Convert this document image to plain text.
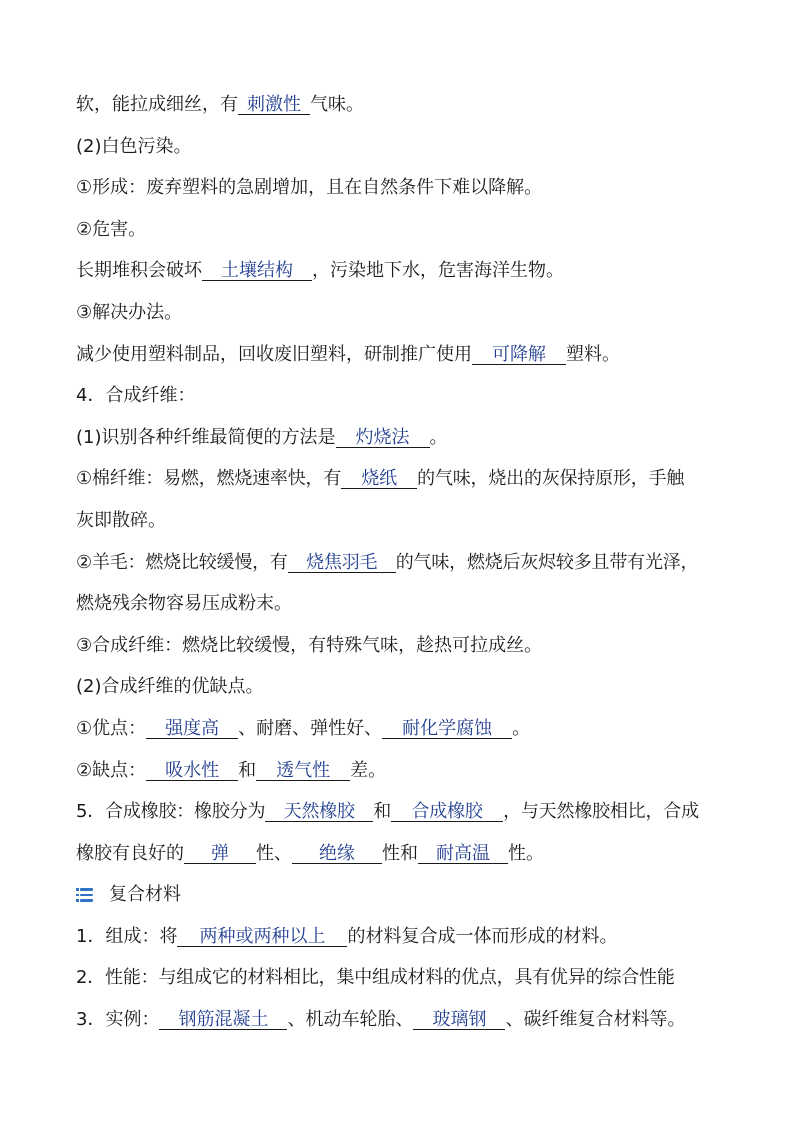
软，能拉成细丝，有 刺激性 气味。
(2)白色污染。
①形成：废弃塑料的急剧增加，且在自然条件下难以降解。
②危害。
长期堆积会破坏 土壤结构 ，污染地下水，危害海洋生物。
③解决办法。
减少使用塑料制品，回收废旧塑料，研制推广使用 可降解 塑料。
4．合成纤维：
(1)识别各种纤维最简便的方法是 灼烧法 。
①棉纤维：易燃，燃烧速率快，有 烧纸 的气味，烧出的灰保持原形，手触
灰即散碎。
②羊毛：燃烧比较缓慢，有 烧焦羽毛 的气味，燃烧后灰烬较多且带有光泽，
燃烧残余物容易压成粉末。
③合成纤维：燃烧比较缓慢，有特殊气味，趁热可拉成丝。
(2)合成纤维的优缺点。
①优点： 强度高 、耐磨、弹性好、 耐化学腐蚀 。
②缺点： 吸水性 和 透气性 差。
5．合成橡胶：橡胶分为 天然橡胶 和 合成橡胶 ，与天然橡胶相比，合成
橡胶有良好的 弹 性、 绝缘 性和 耐高温 性。
复合材料
1．组成：将 两种或两种以上 的材料复合成一体而形成的材料。
2．性能：与组成它的材料相比，集中组成材料的优点，具有优异的综合性能
3．实例： 钢筋混凝土 、机动车轮胎、 玻璃钢 、碳纤维复合材料等。
